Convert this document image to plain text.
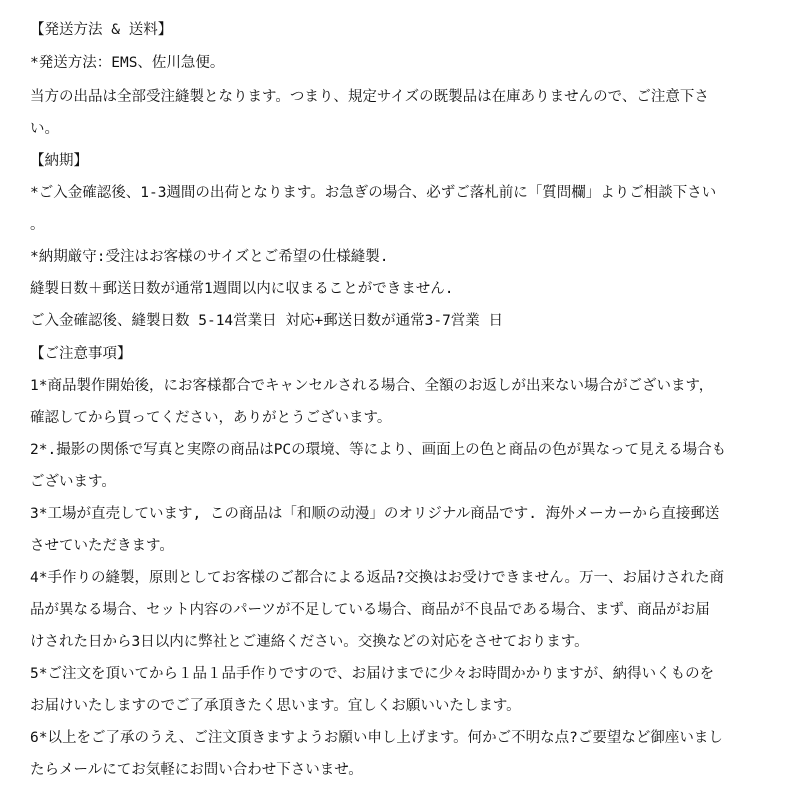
【発送方法 & 送料】
*発送方法：EMS、佐川急便。
当方の出品は全部受注縫製となります。つまり、規定サイズの既製品は在庫ありませんので、ご注意下さ
い。
【納期】
*ご入金確認後、1-3週間の出荷となります。お急ぎの場合、必ずご落札前に「質問欄」よりご相談下さい
。
*納期厳守:受注はお客様のサイズとご希望の仕様縫製.
縫製日数＋郵送日数が通常1週間以内に収まることができません.
ご入金確認後、縫製日数 5-14営業日 対応+郵送日数が通常3-7営業 日
【ご注意事項】
1*商品製作開始後，にお客様都合でキャンセルされる場合、全額のお返しが出来ない場合がございます，
確認してから買ってください，ありがとうございます。
2*.撮影の関係で写真と実際の商品はPCの環境、等により、画面上の色と商品の色が異なって見える場合も
ございます。
3*工場が直売しています, この商品は「和顺の动漫」のオリジナル商品です. 海外メーカーから直接郵送
させていただきます。
4*手作りの縫製，原則としてお客様のご都合による返品?交換はお受けできません。万一、お届けされた商
品が異なる場合、セット内容のパーツが不足している場合、商品が不良品である場合、まず、商品がお届
けされた日から3日以内に弊社とご連絡ください。交換などの対応をさせております。
5*ご注文を頂いてから１品１品手作りですので、お届けまでに少々お時間かかりますが、納得いくものを
お届けいたしますのでご了承頂きたく思います。宜しくお願いいたします。
6*以上をご了承のうえ、ご注文頂きますようお願い申し上げます。何かご不明な点?ご要望など御座いまし
たらメールにてお気軽にお問い合わせ下さいませ。
